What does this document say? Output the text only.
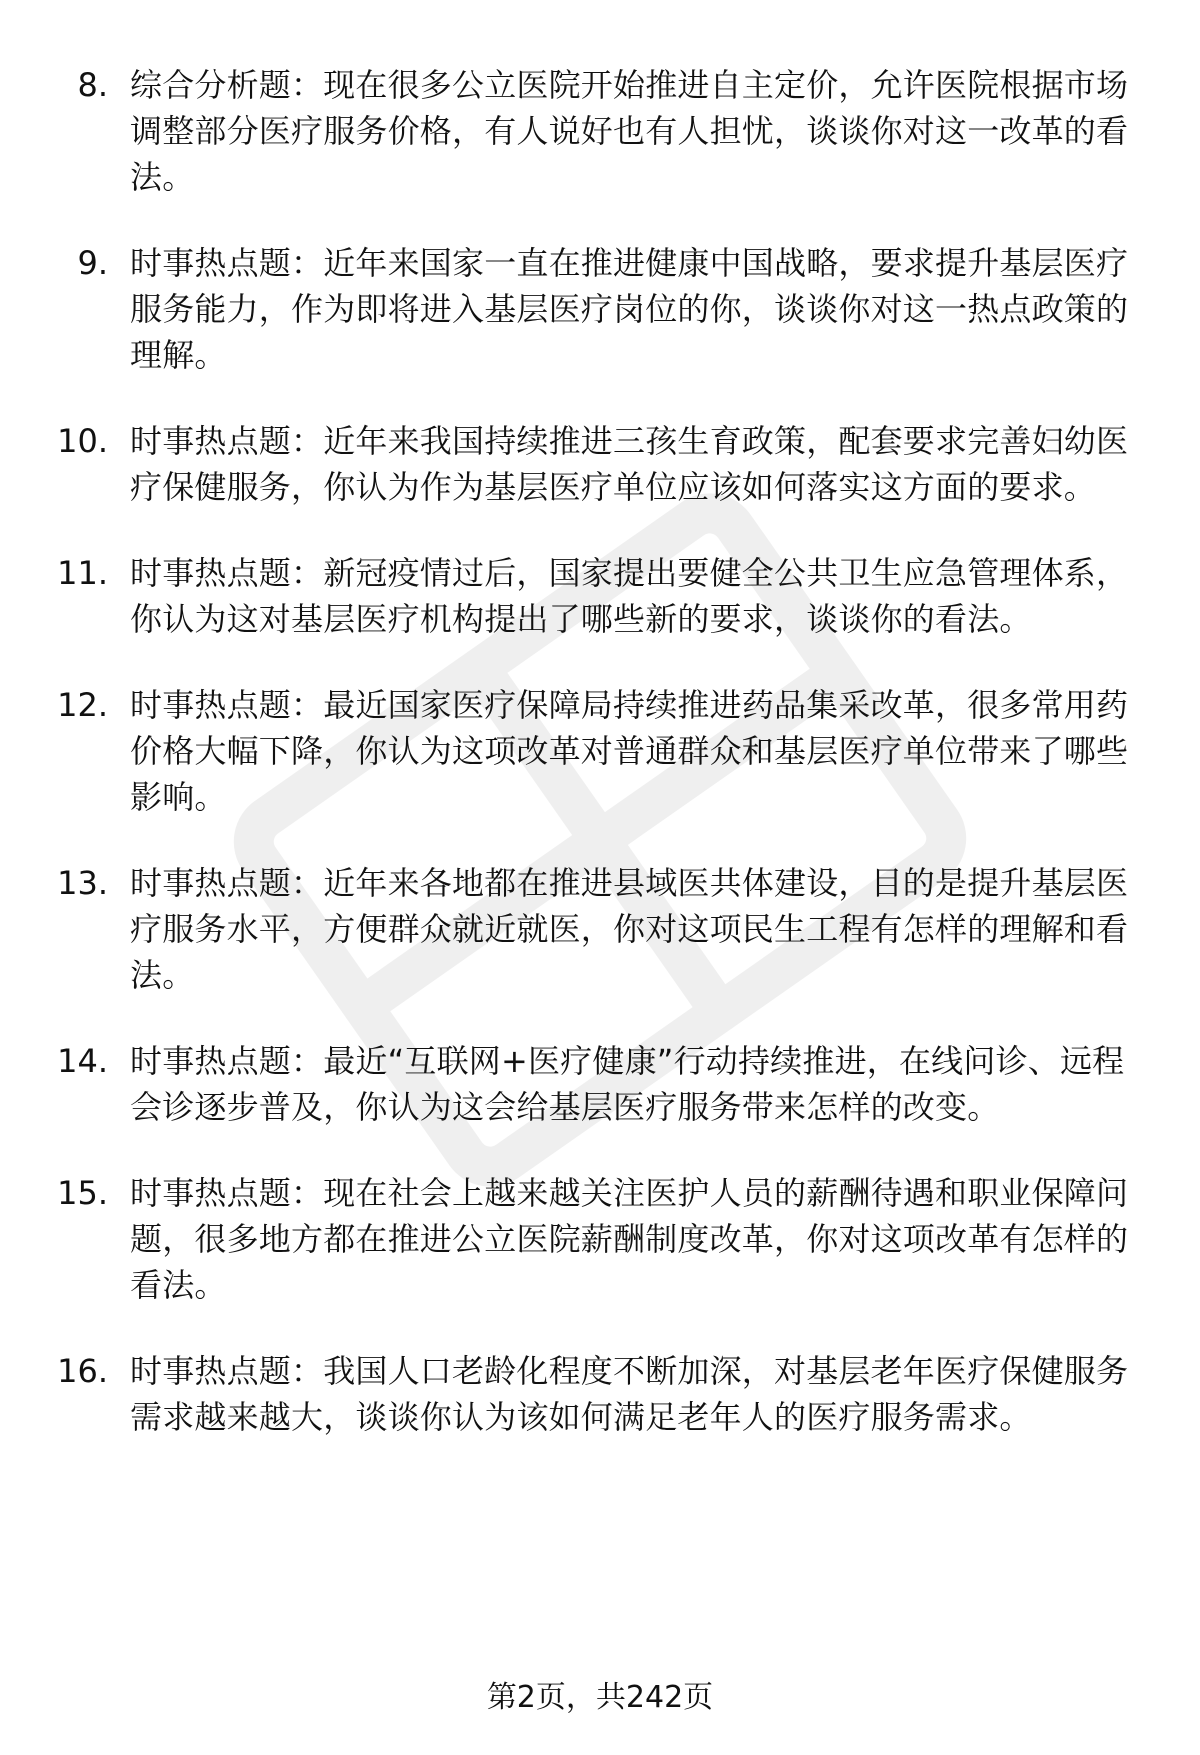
8. 综合分析题：现在很多公立医院开始推进自主定价，允许医院根据市场调整部分医疗服务价格，有人说好也有人担忧，谈谈你对这一改革的看法。
9. 时事热点题：近年来国家一直在推进健康中国战略，要求提升基层医疗服务能力，作为即将进入基层医疗岗位的你，谈谈你对这一热点政策的理解。
10. 时事热点题：近年来我国持续推进三孩生育政策，配套要求完善妇幼医疗保健服务，你认为作为基层医疗单位应该如何落实这方面的要求。
11. 时事热点题：新冠疫情过后，国家提出要健全公共卫生应急管理体系，你认为这对基层医疗机构提出了哪些新的要求，谈谈你的看法。
12. 时事热点题：最近国家医疗保障局持续推进药品集采改革，很多常用药价格大幅下降，你认为这项改革对普通群众和基层医疗单位带来了哪些影响。
13. 时事热点题：近年来各地都在推进县域医共体建设，目的是提升基层医疗服务水平，方便群众就近就医，你对这项民生工程有怎样的理解和看法。
14. 时事热点题：最近“互联网+医疗健康”行动持续推进，在线问诊、远程会诊逐步普及，你认为这会给基层医疗服务带来怎样的改变。
15. 时事热点题：现在社会上越来越关注医护人员的薪酬待遇和职业保障问题，很多地方都在推进公立医院薪酬制度改革，你对这项改革有怎样的看法。
16. 时事热点题：我国人口老龄化程度不断加深，对基层老年医疗保健服务需求越来越大，谈谈你认为该如何满足老年人的医疗服务需求。
第2页，共242页
